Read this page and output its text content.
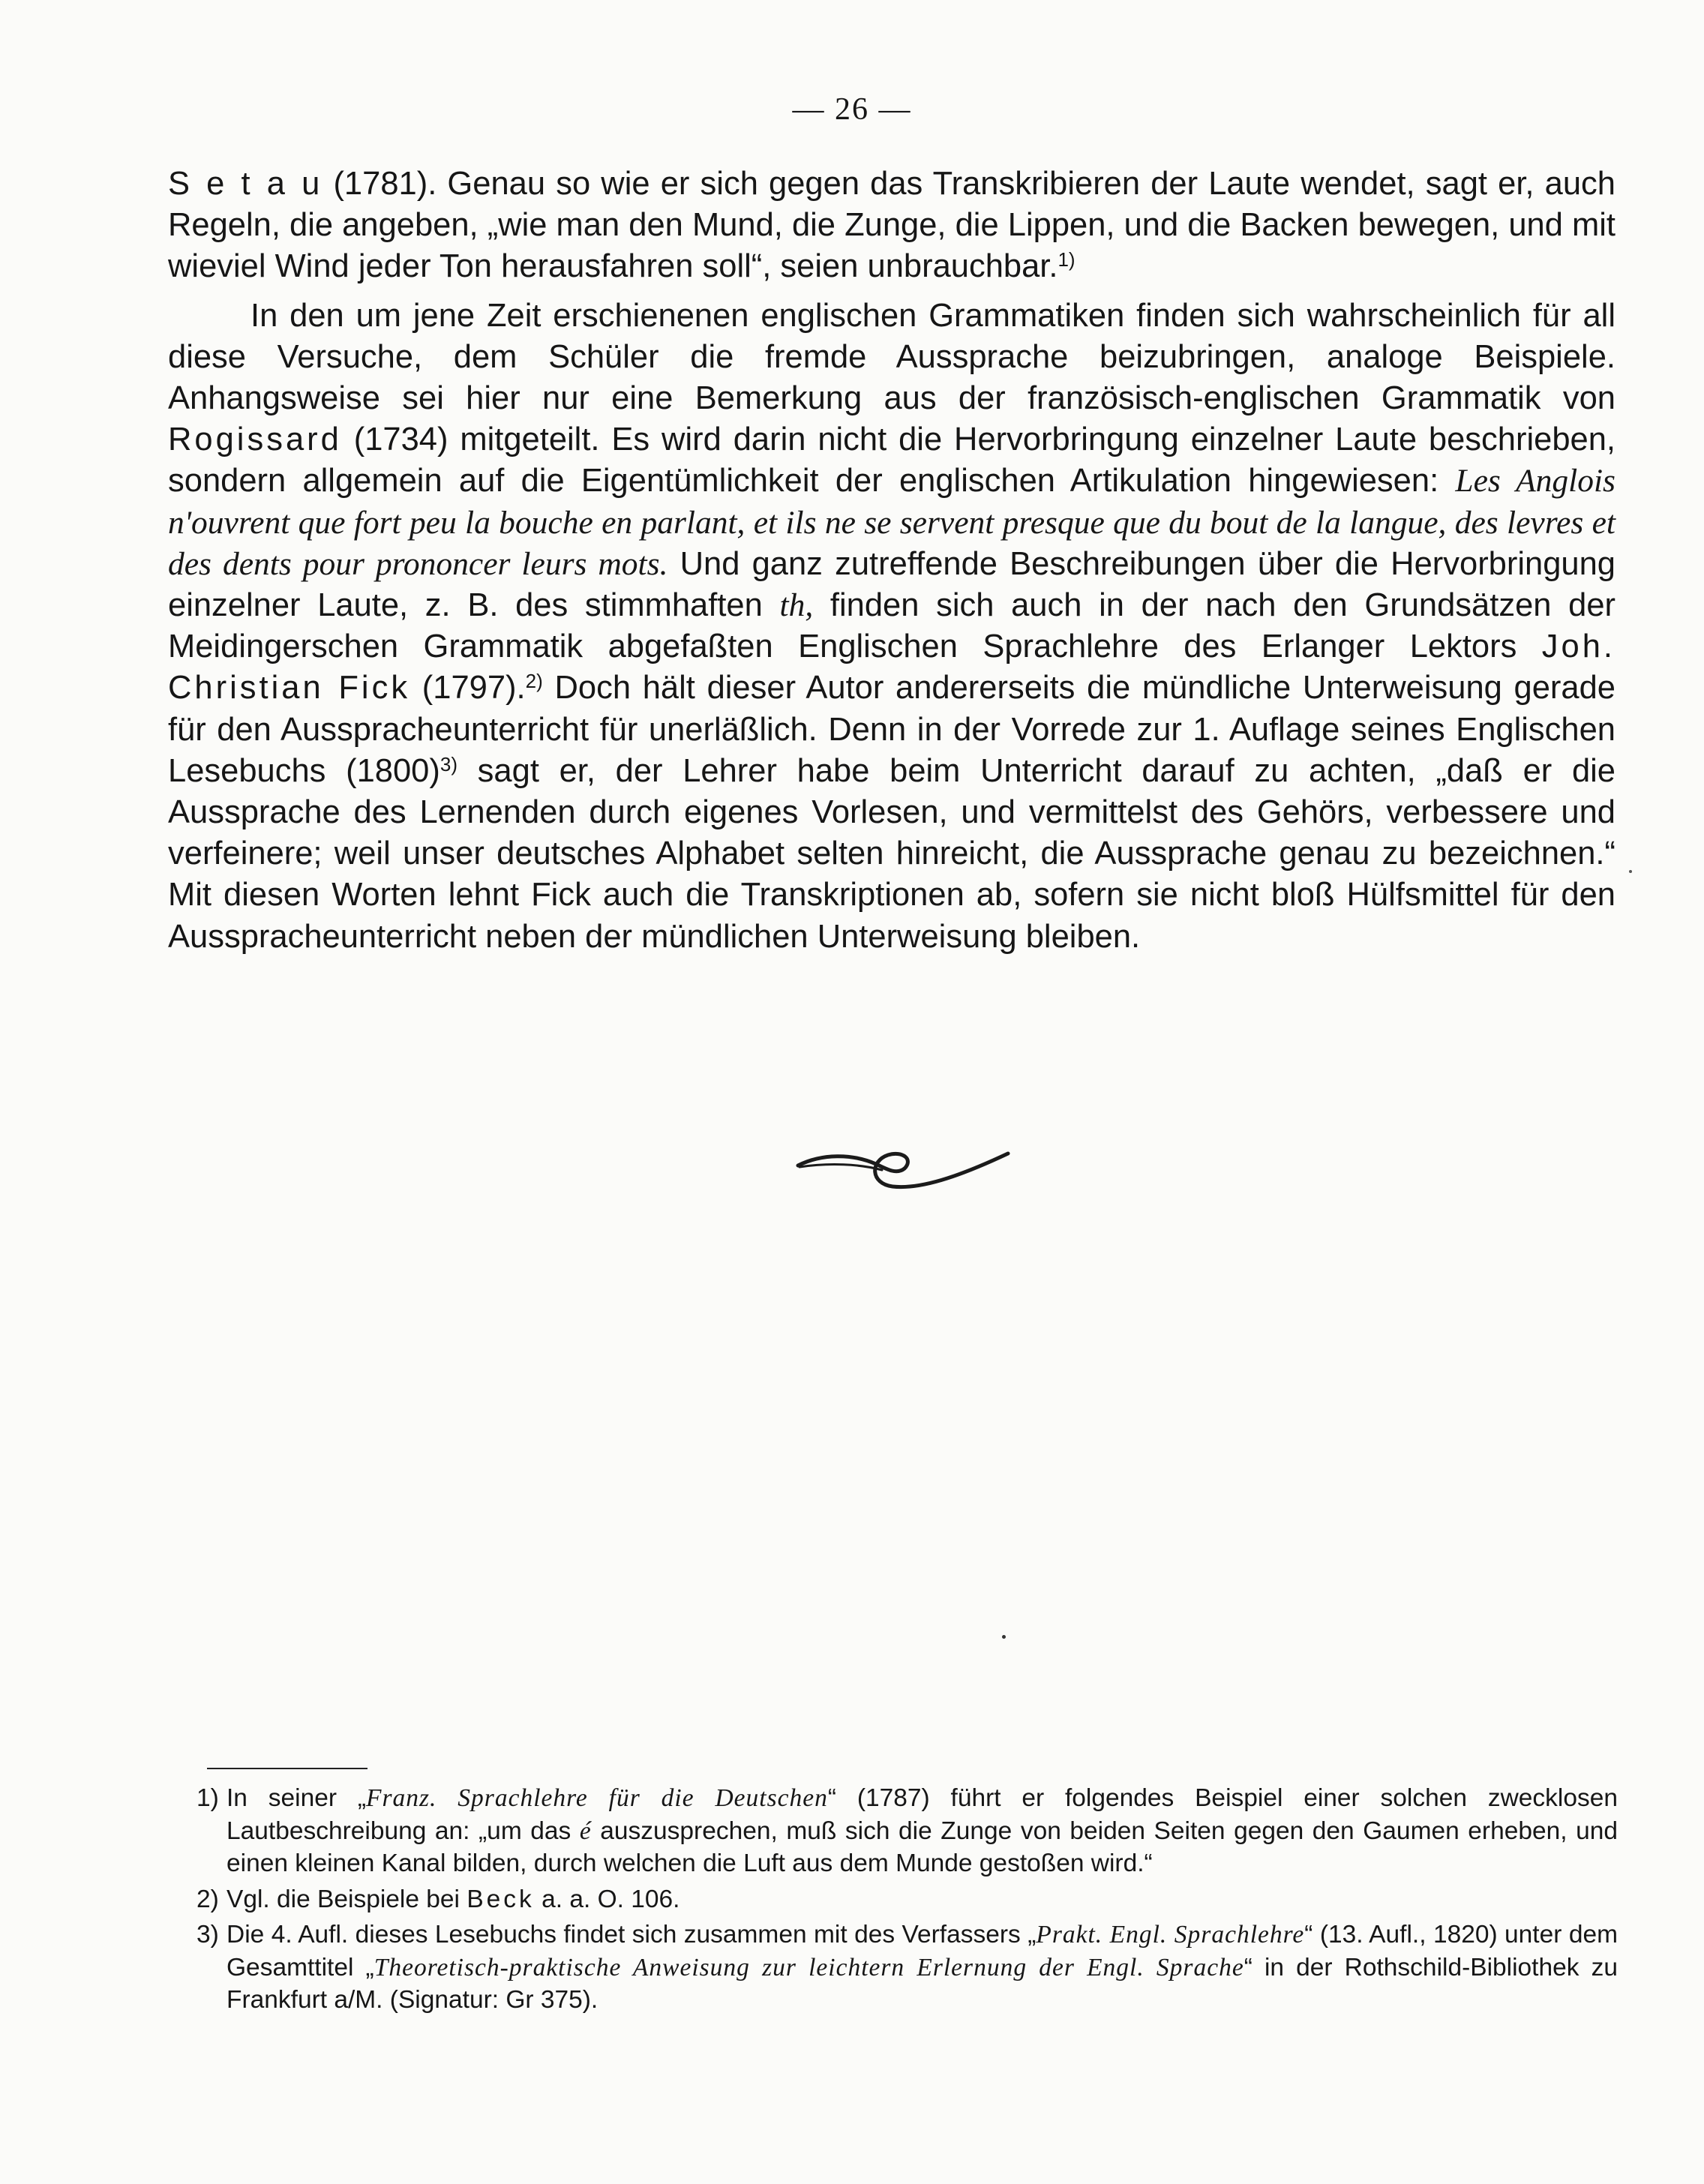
— 26 —

S e t a u (1781). Genau so wie er sich gegen das Transkribieren der Laute wendet, sagt er, auch Regeln, die angeben, „wie man den Mund, die Zunge, die Lippen, und die Backen bewegen, und mit wieviel Wind jeder Ton herausfahren soll“, seien unbrauchbar.$^{1)}$

In den um jene Zeit erschienenen englischen Grammatiken finden sich wahrscheinlich für all diese Versuche, dem Schüler die fremde Aussprache beizubringen, analoge Beispiele. Anhangsweise sei hier nur eine Bemerkung aus der französisch-englischen Grammatik von Rogissard (1734) mitgeteilt. Es wird darin nicht die Hervorbringung einzelner Laute beschrieben, sondern allgemein auf die Eigentümlichkeit der englischen Artikulation hingewiesen: Les Anglois n'ouvrent que fort peu la bouche en parlant, et ils ne se servent presque que du bout de la langue, des levres et des dents pour prononcer leurs mots. Und ganz zutreffende Beschreibungen über die Hervorbringung einzelner Laute, z. B. des stimmhaften th, finden sich auch in der nach den Grundsätzen der Meidingerschen Grammatik abgefaßten Englischen Sprachlehre des Erlanger Lektors Joh. Christian Fick (1797).$^{2)}$ Doch hält dieser Autor andererseits die mündliche Unterweisung gerade für den Ausspracheunterricht für unerläßlich. Denn in der Vorrede zur 1. Auflage seines Englischen Lesebuchs $(1800)^{3)}$ sagt er, der Lehrer habe beim Unterricht darauf zu achten, „daß er die Aussprache des Lernenden durch eigenes Vorlesen, und vermittelst des Gehörs, verbessere und verfeinere; weil unser deutsches Alphabet selten hinreicht, die Aussprache genau zu bezeichnen.“ Mit diesen Worten lehnt Fick auch die Transkriptionen ab, sofern sie nicht bloß Hülfsmittel für den Ausspracheunterricht neben der mündlichen Unterweisung bleiben.

1) In seiner „Franz. Sprachlehre für die Deutschen“ (1787) führt er folgendes Beispiel einer solchen zwecklosen Lautbeschreibung an: „um das é auszusprechen, muß sich die Zunge von beiden Seiten gegen den Gaumen erheben, und einen kleinen Kanal bilden, durch welchen die Luft aus dem Munde gestoßen wird.“

2) Vgl. die Beispiele bei Beck a. a. O. 106.

3) Die 4. Aufl. dieses Lesebuchs findet sich zusammen mit des Verfassers „Prakt. Engl. Sprachlehre“ (13. Aufl., 1820) unter dem Gesamttitel „Theoretisch-praktische Anweisung zur leichtern Erlernung der Engl. Sprache“ in der Rothschild-Bibliothek zu Frankfurt a/M. (Signatur: Gr 375).
